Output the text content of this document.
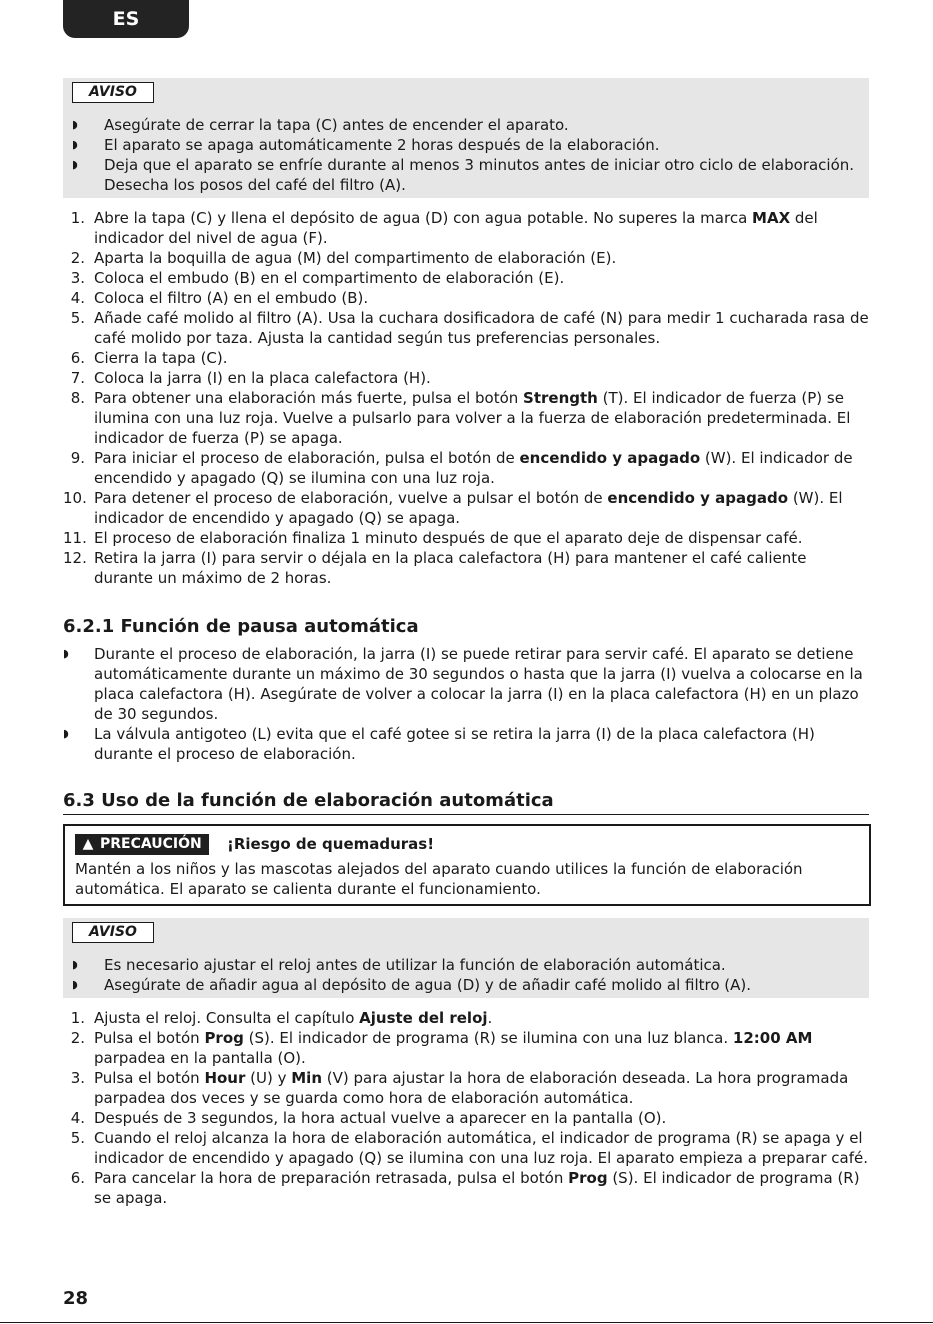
ES
AVISO
◗ Asegúrate de cerrar la tapa (C) antes de encender el aparato.
◗ El aparato se apaga automáticamente 2 horas después de la elaboración.
◗ Deja que el aparato se enfríe durante al menos 3 minutos antes de iniciar otro ciclo de elaboración. Desecha los posos del café del filtro (A).
1. Abre la tapa (C) y llena el depósito de agua (D) con agua potable. No superes la marca MAX del indicador del nivel de agua (F).
2. Aparta la boquilla de agua (M) del compartimento de elaboración (E).
3. Coloca el embudo (B) en el compartimento de elaboración (E).
4. Coloca el filtro (A) en el embudo (B).
5. Añade café molido al filtro (A). Usa la cuchara dosificadora de café (N) para medir 1 cucharada rasa de café molido por taza. Ajusta la cantidad según tus preferencias personales.
6. Cierra la tapa (C).
7. Coloca la jarra (I) en la placa calefactora (H).
8. Para obtener una elaboración más fuerte, pulsa el botón Strength (T). El indicador de fuerza (P) se ilumina con una luz roja. Vuelve a pulsarlo para volver a la fuerza de elaboración predeterminada. El indicador de fuerza (P) se apaga.
9. Para iniciar el proceso de elaboración, pulsa el botón de encendido y apagado (W). El indicador de encendido y apagado (Q) se ilumina con una luz roja.
10. Para detener el proceso de elaboración, vuelve a pulsar el botón de encendido y apagado (W). El indicador de encendido y apagado (Q) se apaga.
11. El proceso de elaboración finaliza 1 minuto después de que el aparato deje de dispensar café.
12. Retira la jarra (I) para servir o déjala en la placa calefactora (H) para mantener el café caliente durante un máximo de 2 horas.
6.2.1 Función de pausa automática
◗ Durante el proceso de elaboración, la jarra (I) se puede retirar para servir café. El aparato se detiene automáticamente durante un máximo de 30 segundos o hasta que la jarra (I) vuelva a colocarse en la placa calefactora (H). Asegúrate de volver a colocar la jarra (I) en la placa calefactora (H) en un plazo de 30 segundos.
◗ La válvula antigoteo (L) evita que el café gotee si se retira la jarra (I) de la placa calefactora (H) durante el proceso de elaboración.
6.3 Uso de la función de elaboración automática
▲ PRECAUCIÓN	¡Riesgo de quemaduras!
Mantén a los niños y las mascotas alejados del aparato cuando utilices la función de elaboración automática. El aparato se calienta durante el funcionamiento.
AVISO
◗ Es necesario ajustar el reloj antes de utilizar la función de elaboración automática.
◗ Asegúrate de añadir agua al depósito de agua (D) y de añadir café molido al filtro (A).
1. Ajusta el reloj. Consulta el capítulo Ajuste del reloj.
2. Pulsa el botón Prog (S). El indicador de programa (R) se ilumina con una luz blanca. 12:00 AM parpadea en la pantalla (O).
3. Pulsa el botón Hour (U) y Min (V) para ajustar la hora de elaboración deseada. La hora programada parpadea dos veces y se guarda como hora de elaboración automática.
4. Después de 3 segundos, la hora actual vuelve a aparecer en la pantalla (O).
5. Cuando el reloj alcanza la hora de elaboración automática, el indicador de programa (R) se apaga y el indicador de encendido y apagado (Q) se ilumina con una luz roja. El aparato empieza a preparar café.
6. Para cancelar la hora de preparación retrasada, pulsa el botón Prog (S). El indicador de programa (R) se apaga.
28
